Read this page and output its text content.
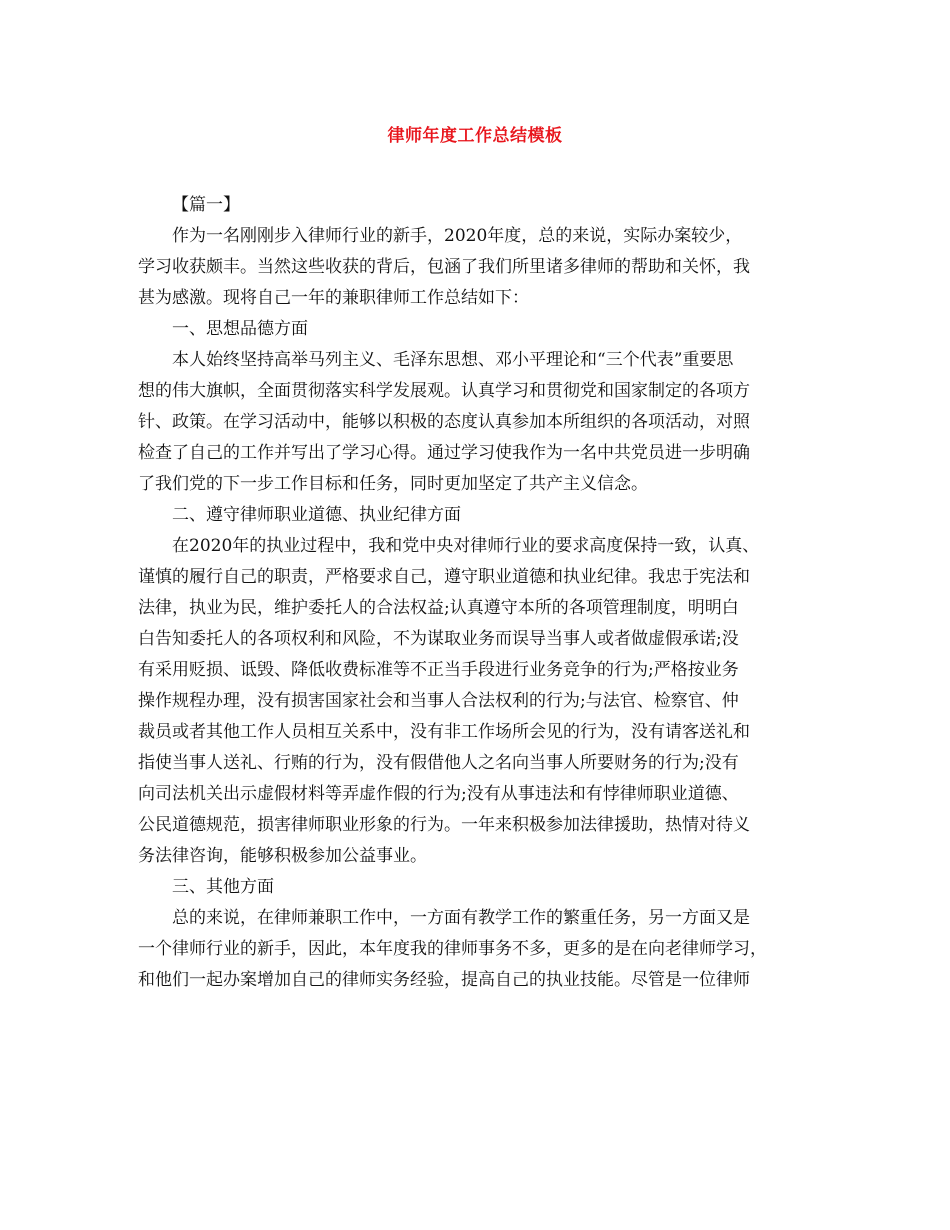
律师年度工作总结模板
【篇一】
作为一名刚刚步入律师行业的新手，2020年度，总的来说，实际办案较少，
学习收获颇丰。当然这些收获的背后，包涵了我们所里诸多律师的帮助和关怀，我
甚为感激。现将自己一年的兼职律师工作总结如下：
一、思想品德方面
本人始终坚持高举马列主义、毛泽东思想、邓小平理论和“三个代表”重要思
想的伟大旗帜，全面贯彻落实科学发展观。认真学习和贯彻党和国家制定的各项方
针、政策。在学习活动中，能够以积极的态度认真参加本所组织的各项活动，对照
检查了自己的工作并写出了学习心得。通过学习使我作为一名中共党员进一步明确
了我们党的下一步工作目标和任务，同时更加坚定了共产主义信念。
二、遵守律师职业道德、执业纪律方面
在2020年的执业过程中，我和党中央对律师行业的要求高度保持一致，认真、
谨慎的履行自己的职责，严格要求自己，遵守职业道德和执业纪律。我忠于宪法和
法律，执业为民，维护委托人的合法权益;认真遵守本所的各项管理制度，明明白
白告知委托人的各项权利和风险，不为谋取业务而误导当事人或者做虚假承诺;没
有采用贬损、诋毁、降低收费标准等不正当手段进行业务竞争的行为;严格按业务
操作规程办理，没有损害国家社会和当事人合法权利的行为;与法官、检察官、仲
裁员或者其他工作人员相互关系中，没有非工作场所会见的行为，没有请客送礼和
指使当事人送礼、行贿的行为，没有假借他人之名向当事人所要财务的行为;没有
向司法机关出示虚假材料等弄虚作假的行为;没有从事违法和有悖律师职业道德、
公民道德规范，损害律师职业形象的行为。一年来积极参加法律援助，热情对待义
务法律咨询，能够积极参加公益事业。
三、其他方面
总的来说，在律师兼职工作中，一方面有教学工作的繁重任务，另一方面又是
一个律师行业的新手，因此，本年度我的律师事务不多，更多的是在向老律师学习，
和他们一起办案增加自己的律师实务经验，提高自己的执业技能。尽管是一位律师
